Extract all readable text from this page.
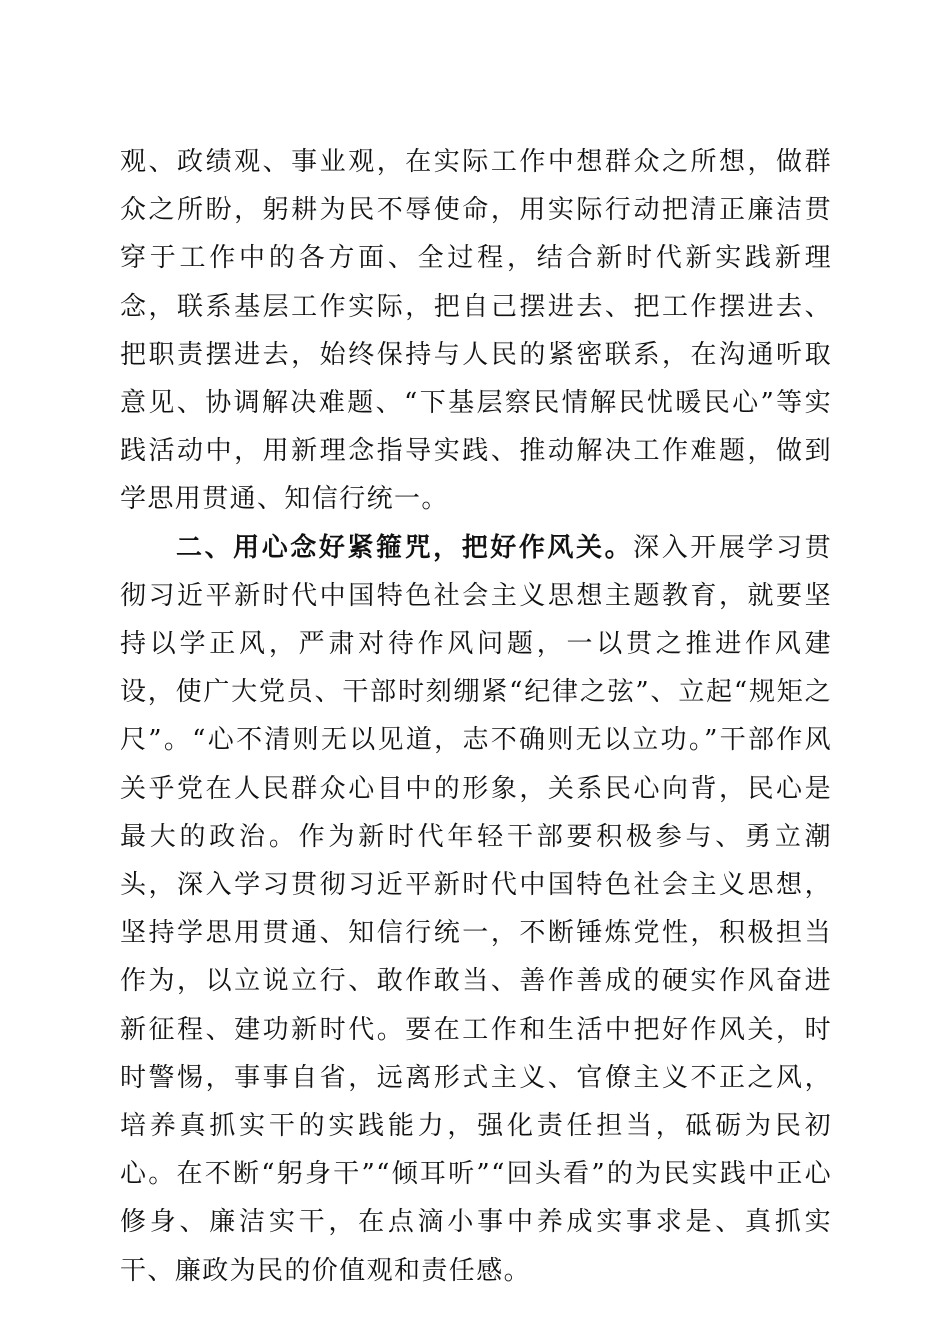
观、政绩观、事业观，在实际工作中想群众之所想，做群众之所盼，躬耕为民不辱使命，用实际行动把清正廉洁贯穿于工作中的各方面、全过程，结合新时代新实践新理念，联系基层工作实际，把自己摆进去、把工作摆进去、把职责摆进去，始终保持与人民的紧密联系，在沟通听取意见、协调解决难题、“下基层察民情解民忧暖民心”等实践活动中，用新理念指导实践、推动解决工作难题，做到学思用贯通、知信行统一。

二、用心念好紧箍咒，把好作风关。深入开展学习贯彻习近平新时代中国特色社会主义思想主题教育，就要坚持以学正风，严肃对待作风问题，一以贯之推进作风建设，使广大党员、干部时刻绷紧“纪律之弦”、立起“规矩之尺”。“心不清则无以见道，志不确则无以立功。”干部作风关乎党在人民群众心目中的形象，关系民心向背，民心是最大的政治。作为新时代年轻干部要积极参与、勇立潮头，深入学习贯彻习近平新时代中国特色社会主义思想，坚持学思用贯通、知信行统一，不断锤炼党性，积极担当作为，以立说立行、敢作敢当、善作善成的硬实作风奋进新征程、建功新时代。要在工作和生活中把好作风关，时时警惕，事事自省，远离形式主义、官僚主义不正之风，培养真抓实干的实践能力，强化责任担当，砥砺为民初心。在不断“躬身干”“倾耳听”“回头看”的为民实践中正心修身、廉洁实干，在点滴小事中养成实事求是、真抓实干、廉政为民的价值观和责任感。
